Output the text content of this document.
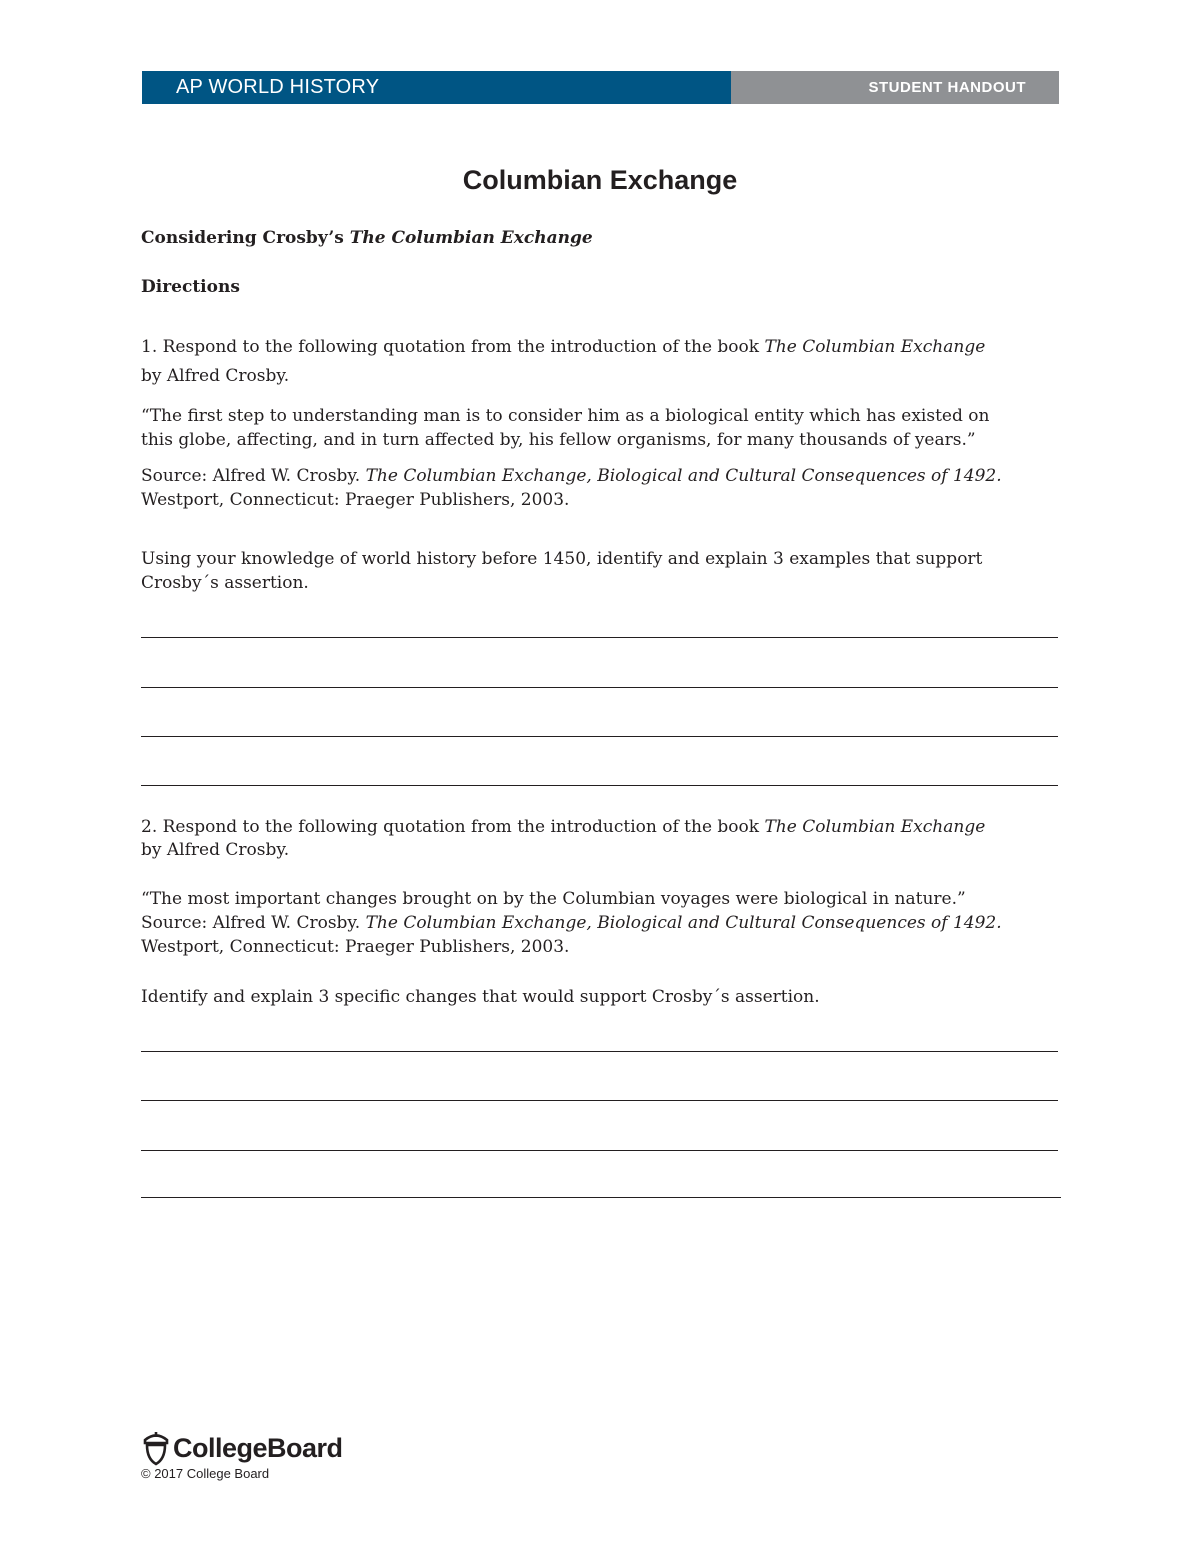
AP WORLD HISTORY	STUDENT HANDOUT
Columbian Exchange

Considering Crosby’s The Columbian Exchange

Directions

1. Respond to the following quotation from the introduction of the book The Columbian Exchange

by Alfred Crosby.

“The first step to understanding man is to consider him as a biological entity which has existed on

this globe, affecting, and in turn affected by, his fellow organisms, for many thousands of years.”

Source: Alfred W. Crosby. The Columbian Exchange, Biological and Cultural Consequences of 1492.

Westport, Connecticut: Praeger Publishers, 2003.

Using your knowledge of world history before 1450, identify and explain 3 examples that support

Crosby´s assertion.

2. Respond to the following quotation from the introduction of the book The Columbian Exchange

by Alfred Crosby.

“The most important changes brought on by the Columbian voyages were biological in nature.”

Source: Alfred W. Crosby. The Columbian Exchange, Biological and Cultural Consequences of 1492.

Westport, Connecticut: Praeger Publishers, 2003.

Identify and explain 3 specific changes that would support Crosby´s assertion.

CollegeBoard
© 2017 College Board
